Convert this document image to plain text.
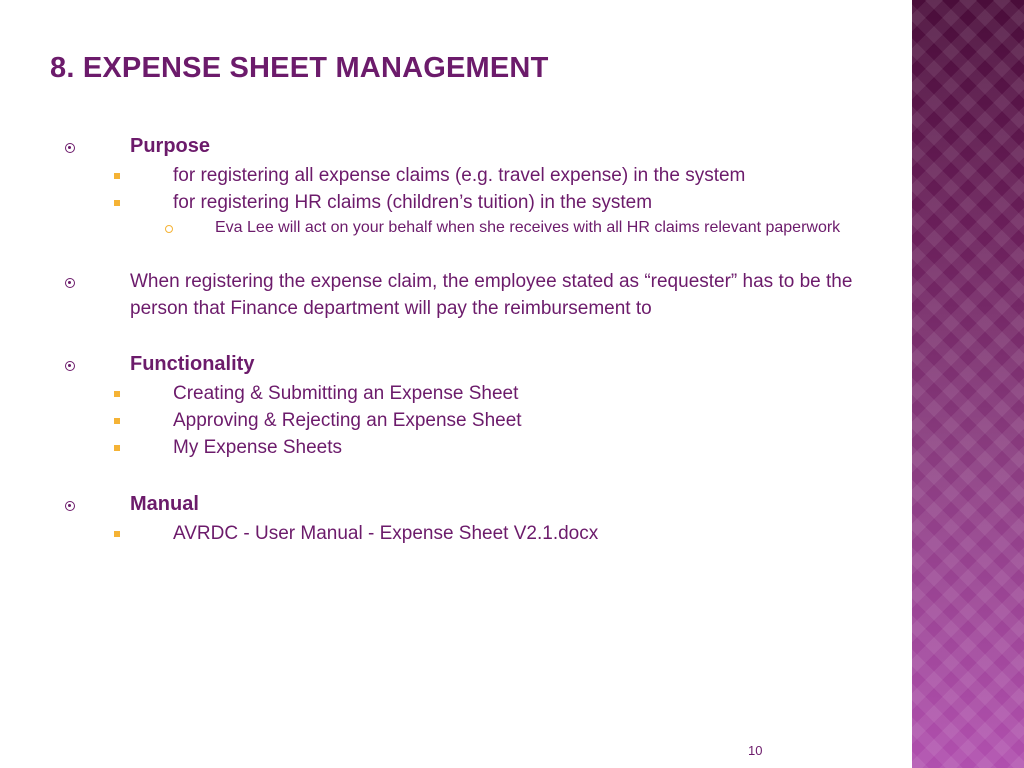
8. EXPENSE SHEET MANAGEMENT
Purpose
for registering all expense claims (e.g. travel expense) in the system
for registering HR claims (children’s tuition) in the system
Eva Lee will act on your behalf when she receives with all HR claims relevant paperwork
When registering the expense claim, the employee stated as “requester” has to be the person that Finance department will pay the reimbursement to
Functionality
Creating & Submitting an Expense Sheet
Approving & Rejecting an Expense Sheet
My Expense Sheets
Manual
AVRDC - User Manual - Expense Sheet V2.1.docx
10
